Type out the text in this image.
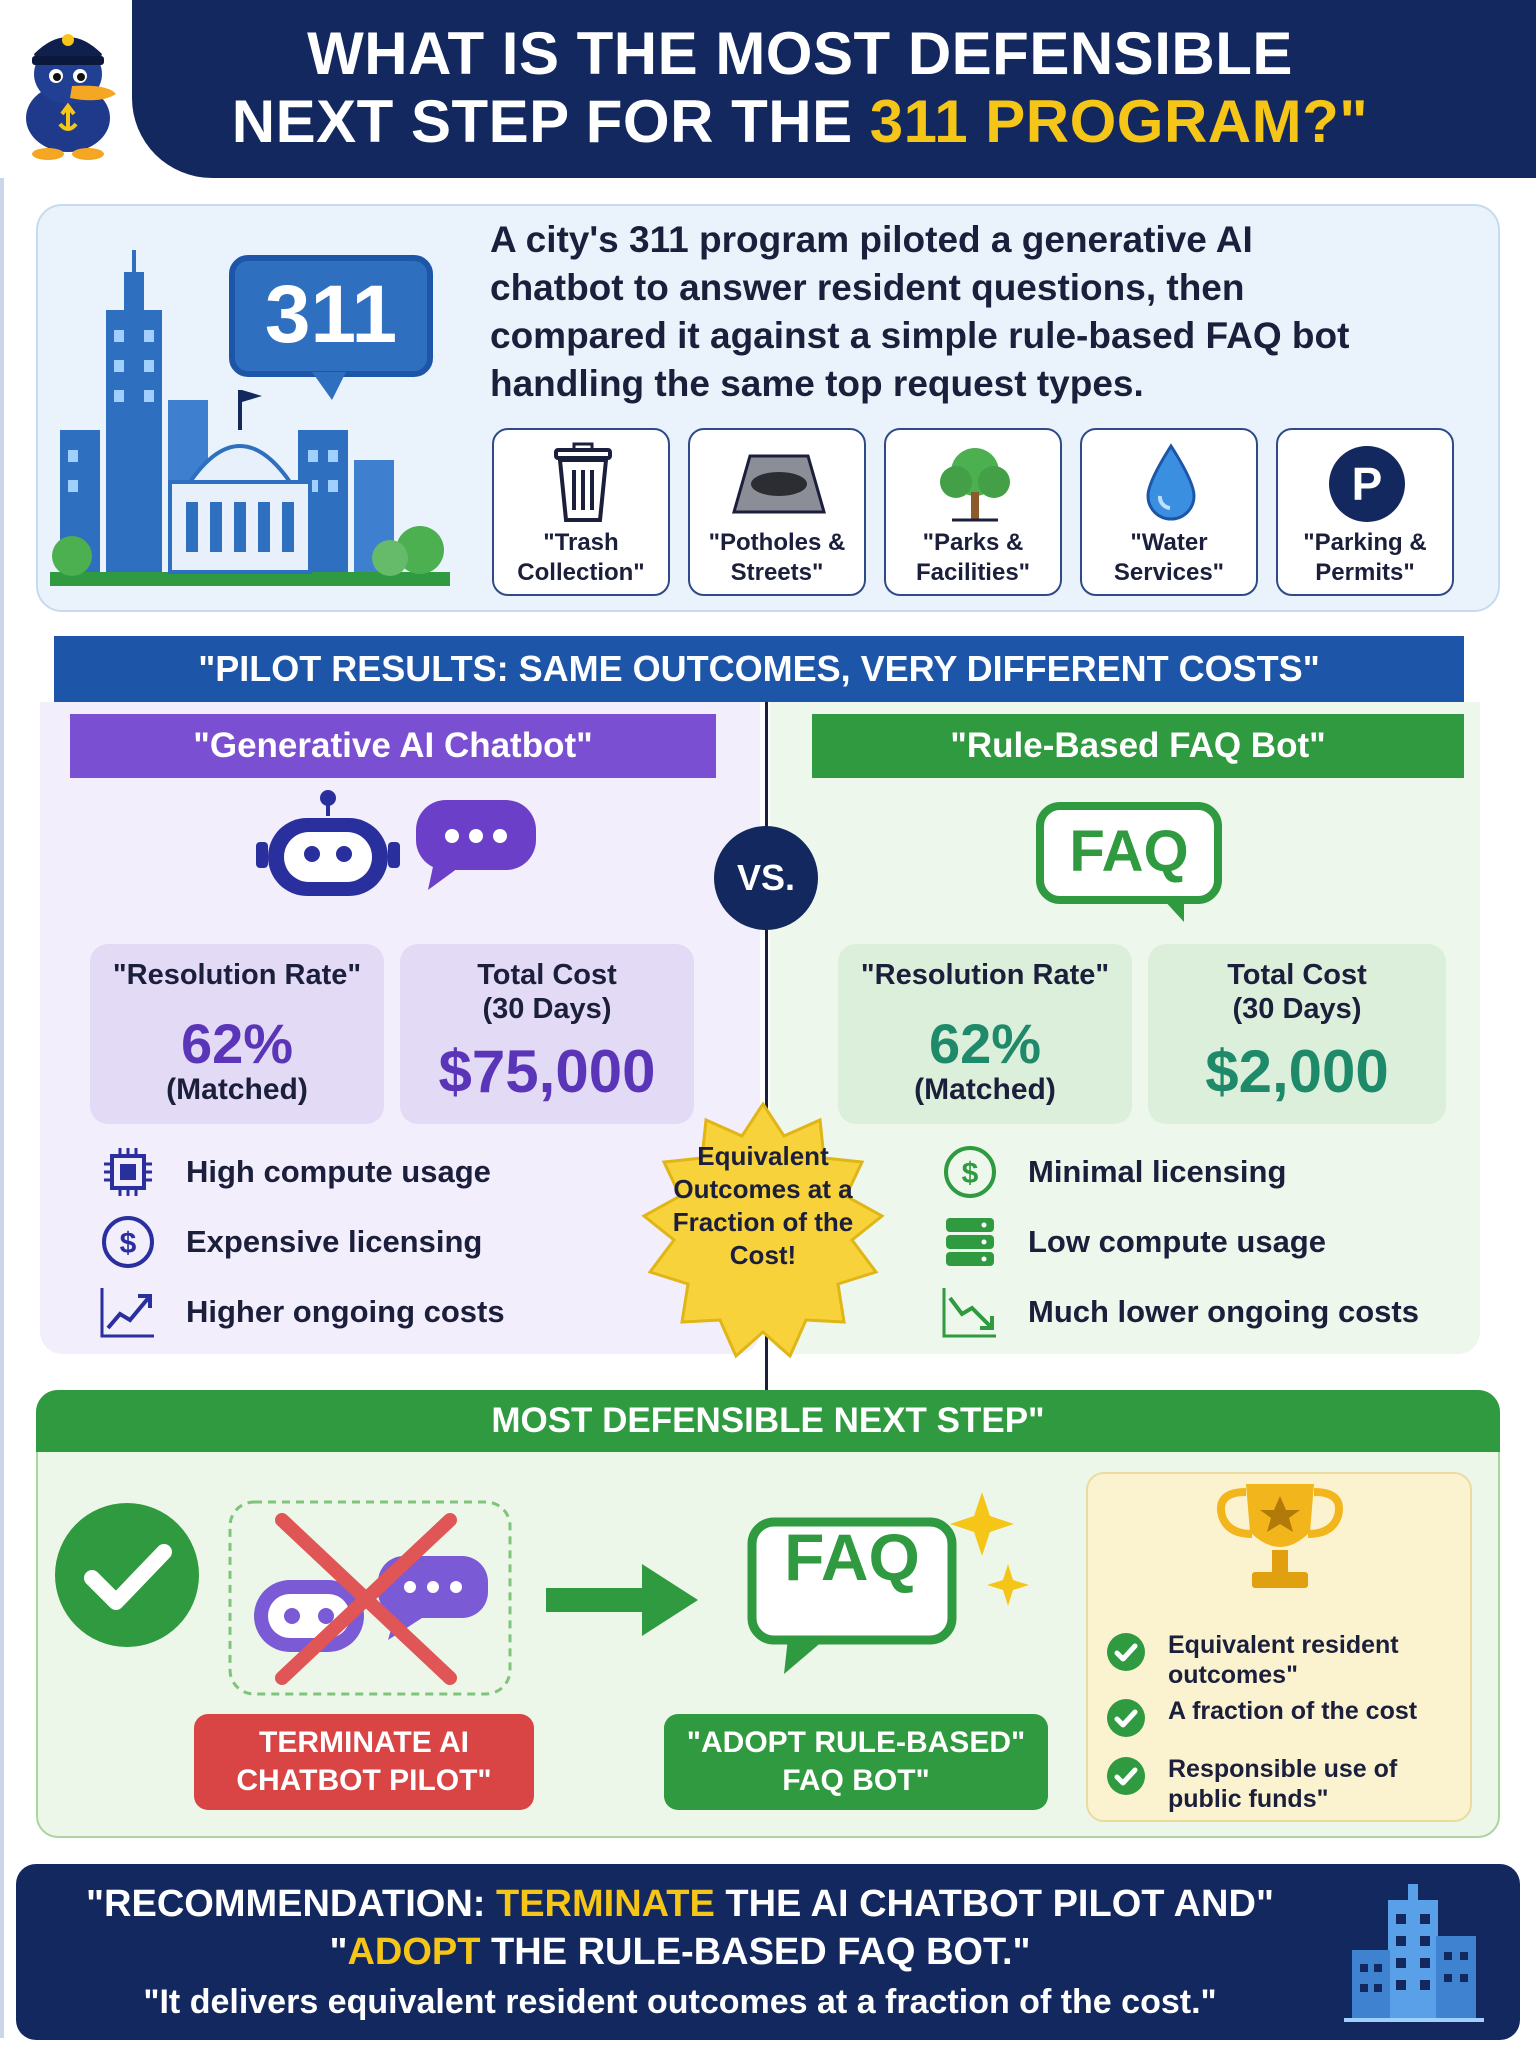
WHAT IS THE MOST DEFENSIBLE
NEXT STEP FOR THE 311 PROGRAM?"
311
A city's 311 program piloted a generative AI chatbot to answer resident questions, then compared it against a simple rule-based FAQ bot handling the same top request types.
"Trash Collection"
"Potholes & Streets"
"Parks & Facilities"
"Water Services"
P
"Parking & Permits"
"PILOT RESULTS: SAME OUTCOMES, VERY DIFFERENT COSTS"
"Generative AI Chatbot"	"Rule-Based FAQ Bot"
VS.	FAQ
"Resolution Rate"
62%
(Matched)
Total Cost (30 Days)
$75,000
"Resolution Rate"
62%
(Matched)
Total Cost (30 Days)
$2,000
High compute usage
$ Expensive licensing
Higher ongoing costs
$ Minimal licensing
Low compute usage
Much lower ongoing costs
Equivalent Outcomes at a Fraction of the Cost!
MOST DEFENSIBLE NEXT STEP"
FAQ
TERMINATE AI
CHATBOT PILOT"
"ADOPT RULE-BASED"
FAQ BOT"
Equivalent resident outcomes"
A fraction of the cost
Responsible use of public funds"
"RECOMMENDATION: TERMINATE THE AI CHATBOT PILOT AND"
"ADOPT THE RULE-BASED FAQ BOT."
"It delivers equivalent resident outcomes at a fraction of the cost."
